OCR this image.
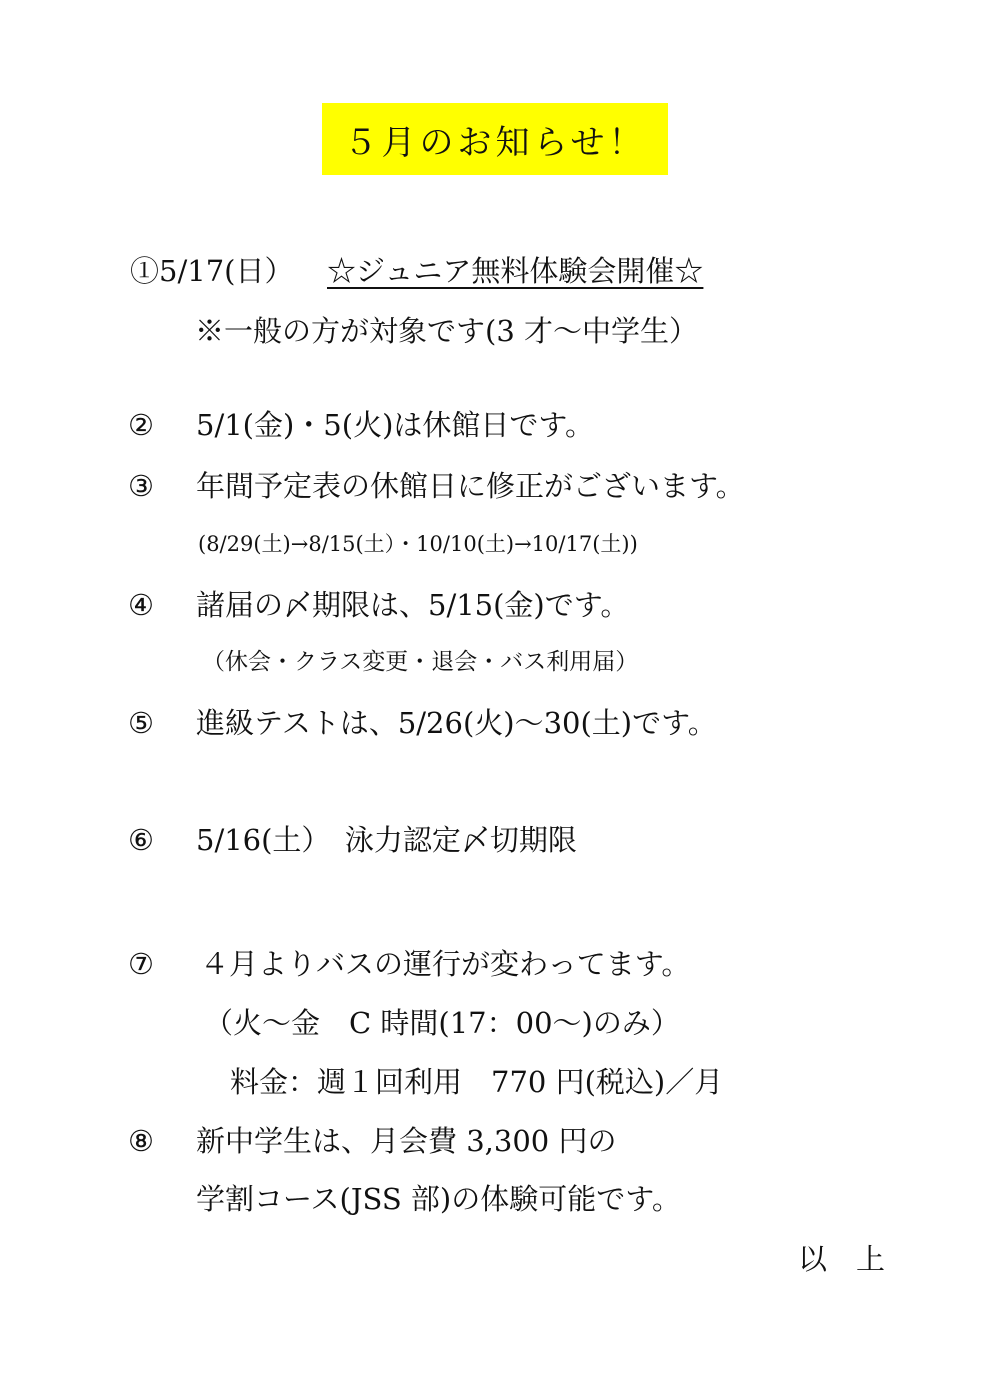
５月のお知らせ！
①5/17(日） ☆ジュニア無料体験会開催☆
※一般の方が対象です(3 才～中学生）
② 5/1(金)・5(火)は休館日です。
③ 年間予定表の休館日に修正がございます。
(8/29(土)→8/15(土）・10/10(土)→10/17(土))
④ 諸届の〆期限は、5/15(金)です。
（休会・クラス変更・退会・バス利用届）
⑤ 進級テストは、5/26(火)～30(土)です。
⑥ 5/16(土）　泳力認定〆切期限
⑦ ４月よりバスの運行が変わってます。
（火～金　C 時間(17：00～)のみ）
料金：週１回利用　770 円(税込)／月
⑧ 新中学生は、月会費 3,300 円の
学割コース(JSS 部)の体験可能です。
以　上
